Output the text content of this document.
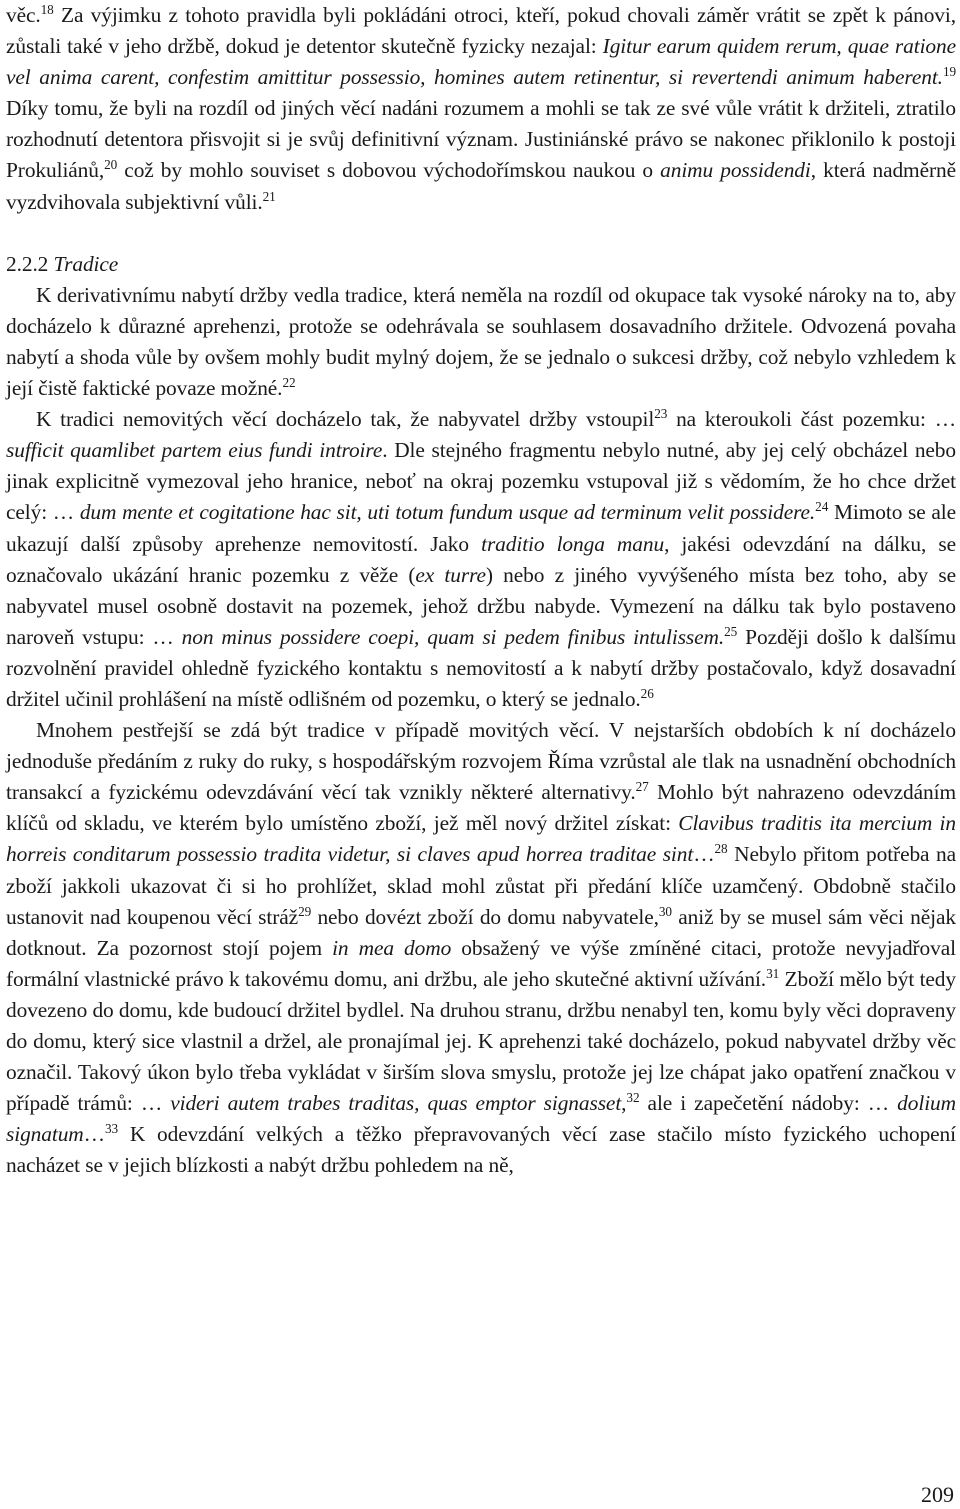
věc.$^{18}$ Za výjimku z tohoto pravidla byli pokládáni otroci, kteří, pokud chovali záměr vrátit se zpět k pánovi, zůstali také v jeho držbě, dokud je detentor skutečně fyzicky nezajal: Igitur earum quidem rerum, quae ratione vel anima carent, confestim amittitur possessio, homines autem retinentur, si revertendi animum haberent.$^{19}$ Díky tomu, že byli na rozdíl od jiných věcí nadáni rozumem a mohli se tak ze své vůle vrátit k držiteli, ztratilo rozhodnutí detentora přisvojit si je svůj definitivní význam. Justiniánské právo se nakonec přiklonilo k postoji Prokuliánů,$^{20}$ což by mohlo souviset s dobovou východořímskou naukou o animu possidendi, která nadměrně vyzdvihovala subjektivní vůli.$^{21}$

2.2.2 Tradice

K derivativnímu nabytí držby vedla tradice, která neměla na rozdíl od okupace tak vysoké nároky na to, aby docházelo k důrazné aprehenzi, protože se odehrávala se souhlasem dosavadního držitele. Odvozená povaha nabytí a shoda vůle by ovšem mohly budit mylný dojem, že se jednalo o sukcesi držby, což nebylo vzhledem k její čistě faktické povaze možné.$^{22}$

K tradici nemovitých věcí docházelo tak, že nabyvatel držby vstoupil$^{23}$ na kteroukoli část pozemku: … sufficit quamlibet partem eius fundi introire. Dle stejného fragmentu nebylo nutné, aby jej celý obcházel nebo jinak explicitně vymezoval jeho hranice, neboť na okraj pozemku vstupoval již s vědomím, že ho chce držet celý: … dum mente et cogitatione hac sit, uti totum fundum usque ad terminum velit possidere.$^{24}$ Mimoto se ale ukazují další způsoby aprehenze nemovitostí. Jako traditio longa manu, jakési odevzdání na dálku, se označovalo ukázání hranic pozemku z věže (ex turre) nebo z jiného vyvýšeného místa bez toho, aby se nabyvatel musel osobně dostavit na pozemek, jehož držbu nabyde. Vymezení na dálku tak bylo postaveno naroveň vstupu: … non minus possidere coepi, quam si pedem finibus intulissem.$^{25}$ Později došlo k dalšímu rozvolnění pravidel ohledně fyzického kontaktu s nemovitostí a k nabytí držby postačovalo, když dosavadní držitel učinil prohlášení na místě odlišném od pozemku, o který se jednalo.$^{26}$

Mnohem pestřejší se zdá být tradice v případě movitých věcí. V nejstarších obdobích k ní docházelo jednoduše předáním z ruky do ruky, s hospodářským rozvojem Říma vzrůstal ale tlak na usnadnění obchodních transakcí a fyzickému odevzdávání věcí tak vznikly některé alternativy.$^{27}$ Mohlo být nahrazeno odevzdáním klíčů od skladu, ve kterém bylo umístěno zboží, jež měl nový držitel získat: Clavibus traditis ita mercium in horreis conditarum possessio tradita videtur, si claves apud horrea traditae sint…$^{28}$ Nebylo přitom potřeba na zboží jakkoli ukazovat či si ho prohlížet, sklad mohl zůstat při předání klíče uzamčený. Obdobně stačilo ustanovit nad koupenou věcí stráž$^{29}$ nebo dovézt zboží do domu nabyvatele,$^{30}$ aniž by se musel sám věci nějak dotknout. Za pozornost stojí pojem in mea domo obsažený ve výše zmíněné citaci, protože nevyjadřoval formální vlastnické právo k takovému domu, ani držbu, ale jeho skutečné aktivní užívání.$^{31}$ Zboží mělo být tedy dovezeno do domu, kde budoucí držitel bydlel. Na druhou stranu, držbu nenabyl ten, komu byly věci dopraveny do domu, který sice vlastnil a držel, ale pronajímal jej. K aprehenzi také docházelo, pokud nabyvatel držby věc označil. Takový úkon bylo třeba vykládat v širším slova smyslu, protože jej lze chápat jako opatření značkou v případě trámů: … videri autem trabes traditas, quas emptor signasset,$^{32}$ ale i zapečetění nádoby: … dolium signatum…$^{33}$ K odevzdání velkých a těžko přepravovaných věcí zase stačilo místo fyzického uchopení nacházet se v jejich blízkosti a nabýt držbu pohledem na ně,

209
